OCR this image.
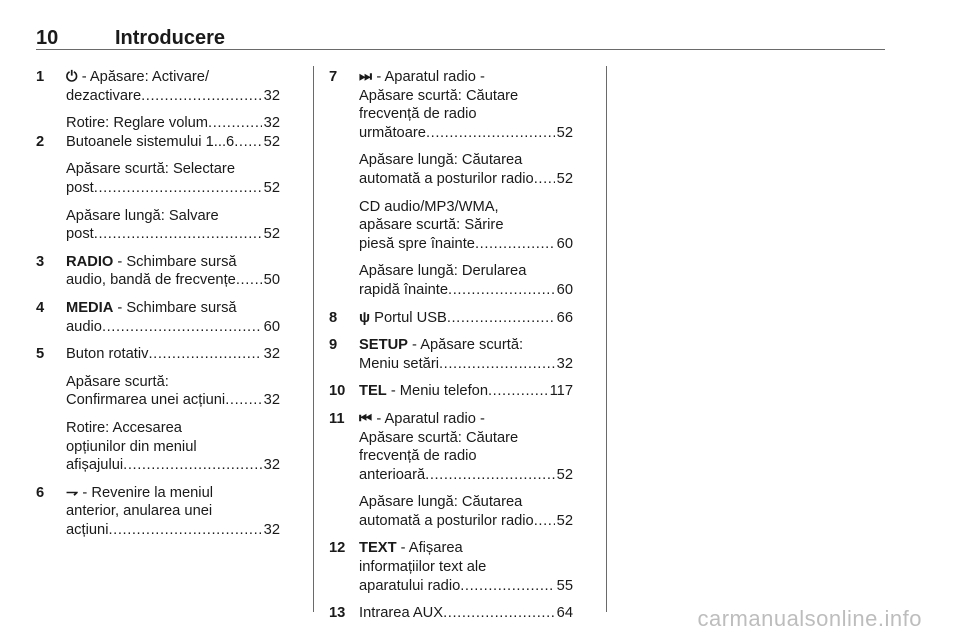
10	Introducere
1 ⏻ - Apăsare: Activare/
dezactivare .....	32
Rotire: Reglare volum .....	32
2 Butoanele sistemului 1...6 ..... 52
Apăsare scurtă: Selectare
post .....	52
Apăsare lungă: Salvare
post .....	52
3 RADIO - Schimbare sursă
audio, bandă de frecvențe ..... 50
4 MEDIA - Schimbare sursă
audio .....	60
5 Buton rotativ .....	32
Apăsare scurtă:
Confirmarea unei acțiuni .....	32
Rotire: Accesarea
opțiunilor din meniul
afișajului .....	32
6 ⇁ - Revenire la meniul
anterior, anularea unei
acțiuni .....	32
7 ⏭ - Aparatul radio -
Apăsare scurtă: Căutare
frecvență de radio
următoare .....	52
Apăsare lungă: Căutarea
automată a posturilor radio ..... 52
CD audio/MP3/WMA,
apăsare scurtă: Sărire
piesă spre înainte .....	60
Apăsare lungă: Derularea
rapidă înainte .....	60
8 ψ Portul USB .....	66
9 SETUP - Apăsare scurtă:
Meniu setări .....	32
10 TEL - Meniu telefon .....	117
11 ⏮ - Aparatul radio -
Apăsare scurtă: Căutare
frecvență de radio
anterioară .....	52
Apăsare lungă: Căutarea
automată a posturilor radio ..... 52
12 TEXT - Afișarea
informațiilor text ale
aparatului radio .....	55
13 Intrarea AUX .....	64	carmanualsonline.info
